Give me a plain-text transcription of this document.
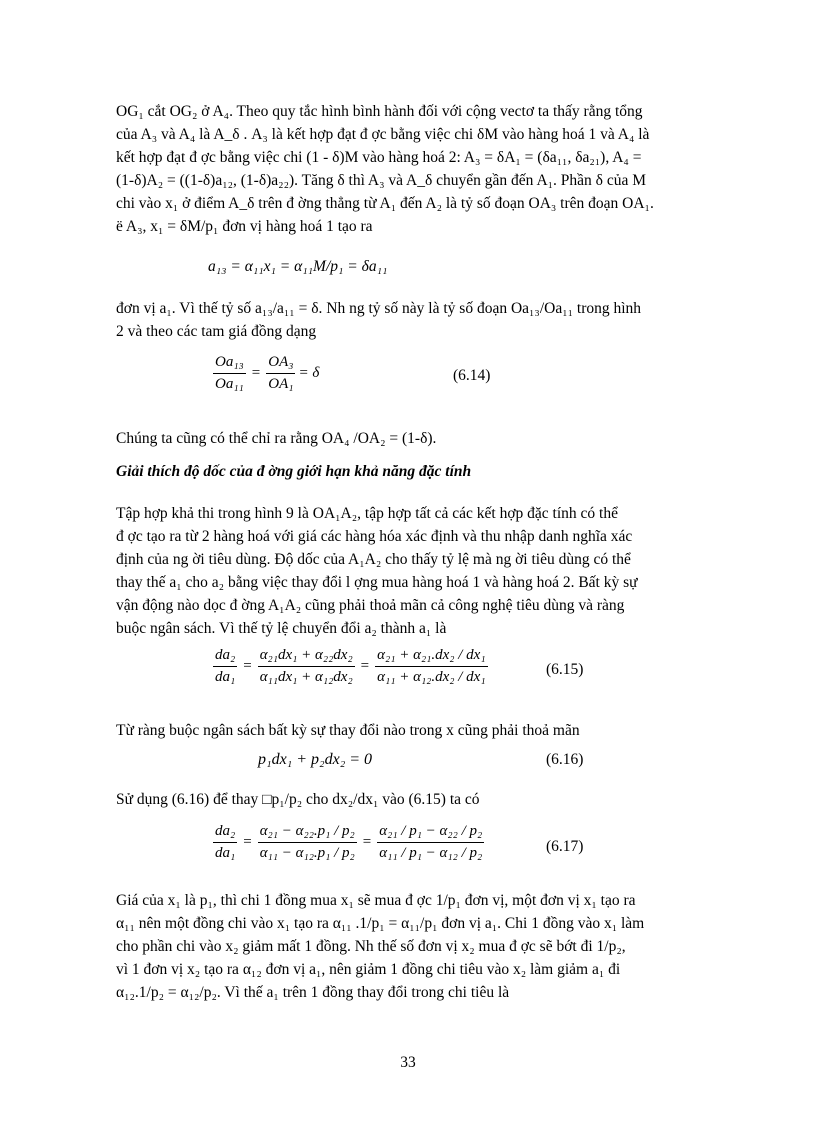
OG₁ cắt OG₂ ở A₄. Theo quy tắc hình bình hành đối với cộng vectơ ta thấy rằng tổng
của A₃ và A₄ là A_δ . A₃ là kết hợp đạt đ ợc bằng việc chi δM vào hàng hoá 1 và A₄ là
kết hợp đạt đ ợc bằng việc chi (1 - δ)M vào hàng hoá 2: A₃ = δA₁ = (δa₁₁, δa₂₁), A₄ =
(1-δ)A₂ = ((1-δ)a₁₂, (1-δ)a₂₂). Tăng δ thì A₃ và A_δ chuyển gần đến A₁. Phần δ của M
chi vào x₁ ở điểm A_δ trên đ ờng thẳng từ A₁ đến A₂ là tỷ số đoạn OA₃ trên đoạn OA₁.
ë A₃, x₁ = δM/p₁ đơn vị hàng hoá 1 tạo ra
a₁₃ = α₁₁x₁ = α₁₁M/p₁ = δa₁₁
đơn vị a₁. Vì thế tỷ số a₁₃/a₁₁ = δ. Nh ng tỷ số này là tỷ số đoạn Oa₁₃/Oa₁₁ trong hình
2 và theo các tam giá đồng dạng
$\frac{\text{Oa₁₃}}{\text{Oa₁₁}} = \frac{\text{OA₃}}{\text{OA₁}} = \delta$	(6.14)
Chúng ta cũng có thể chỉ ra rằng OA₄ /OA₂ = (1-δ).
Giải thích độ dốc của đ ờng giới hạn khả năng đặc tính
Tập hợp khả thi trong hình 9 là OA₁A₂, tập hợp tất cả các kết hợp đặc tính có thể
đ ợc tạo ra từ 2 hàng hoá với giá các hàng hóa xác định và thu nhập danh nghĩa xác
định của ng ời tiêu dùng. Độ dốc của A₁A₂ cho thấy tỷ lệ mà ng ời tiêu dùng có thể
thay thế a₁ cho a₂ bằng việc thay đổi l ợng mua hàng hoá 1 và hàng hoá 2. Bất kỳ sự
vận động nào dọc đ ờng A₁A₂ cũng phải thoả mãn cả công nghệ tiêu dùng và ràng
buộc ngân sách. Vì thế tỷ lệ chuyển đổi a₂ thành a₁ là
$\frac{\text{da₂}}{\text{da₁}} = \frac{\text{α₂₁dx₁ + α₂₂dx₂}}{\text{α₁₁dx₁ + α₁₂dx₂}} = \frac{\text{α₂₁ + α₂₁.dx₂ / dx₁}}{\text{α₁₁ + α₁₂.dx₂ / dx₁}}$	(6.15)
Từ ràng buộc ngân sách bất kỳ sự thay đổi nào trong x cũng phải thoả mãn
p₁dx₁ + p₂dx₂ = 0	(6.16)
Sử dụng (6.16) để thay □p₁/p₂ cho dx₂/dx₁ vào (6.15) ta có
$\frac{\text{da₂}}{\text{da₁}} = \frac{\text{α₂₁ − α₂₂.p₁ / p₂}}{\text{α₁₁ − α₁₂.p₁ / p₂}} = \frac{\text{α₂₁ / p₁ − α₂₂ / p₂}}{\text{α₁₁ / p₁ − α₁₂ / p₂}}$	(6.17)
Giá của x₁ là p₁, thì chi 1 đồng mua x₁ sẽ mua đ ợc 1/p₁ đơn vị, một đơn vị x₁ tạo ra
α₁₁ nên một đồng chi vào x₁ tạo ra α₁₁ .1/p₁ = α₁₁/p₁ đơn vị a₁. Chi 1 đồng vào x₁ làm
cho phần chi vào x₂ giảm mất 1 đồng. Nh thế số đơn vị x₂ mua đ ợc sẽ bớt đi 1/p₂,
vì 1 đơn vị x₂ tạo ra α₁₂ đơn vị a₁, nên giảm 1 đồng chi tiêu vào x₂ làm giảm a₁ đi
α₁₂.1/p₂ = α₁₂/p₂. Vì thế a₁ trên 1 đồng thay đổi trong chi tiêu là
33
